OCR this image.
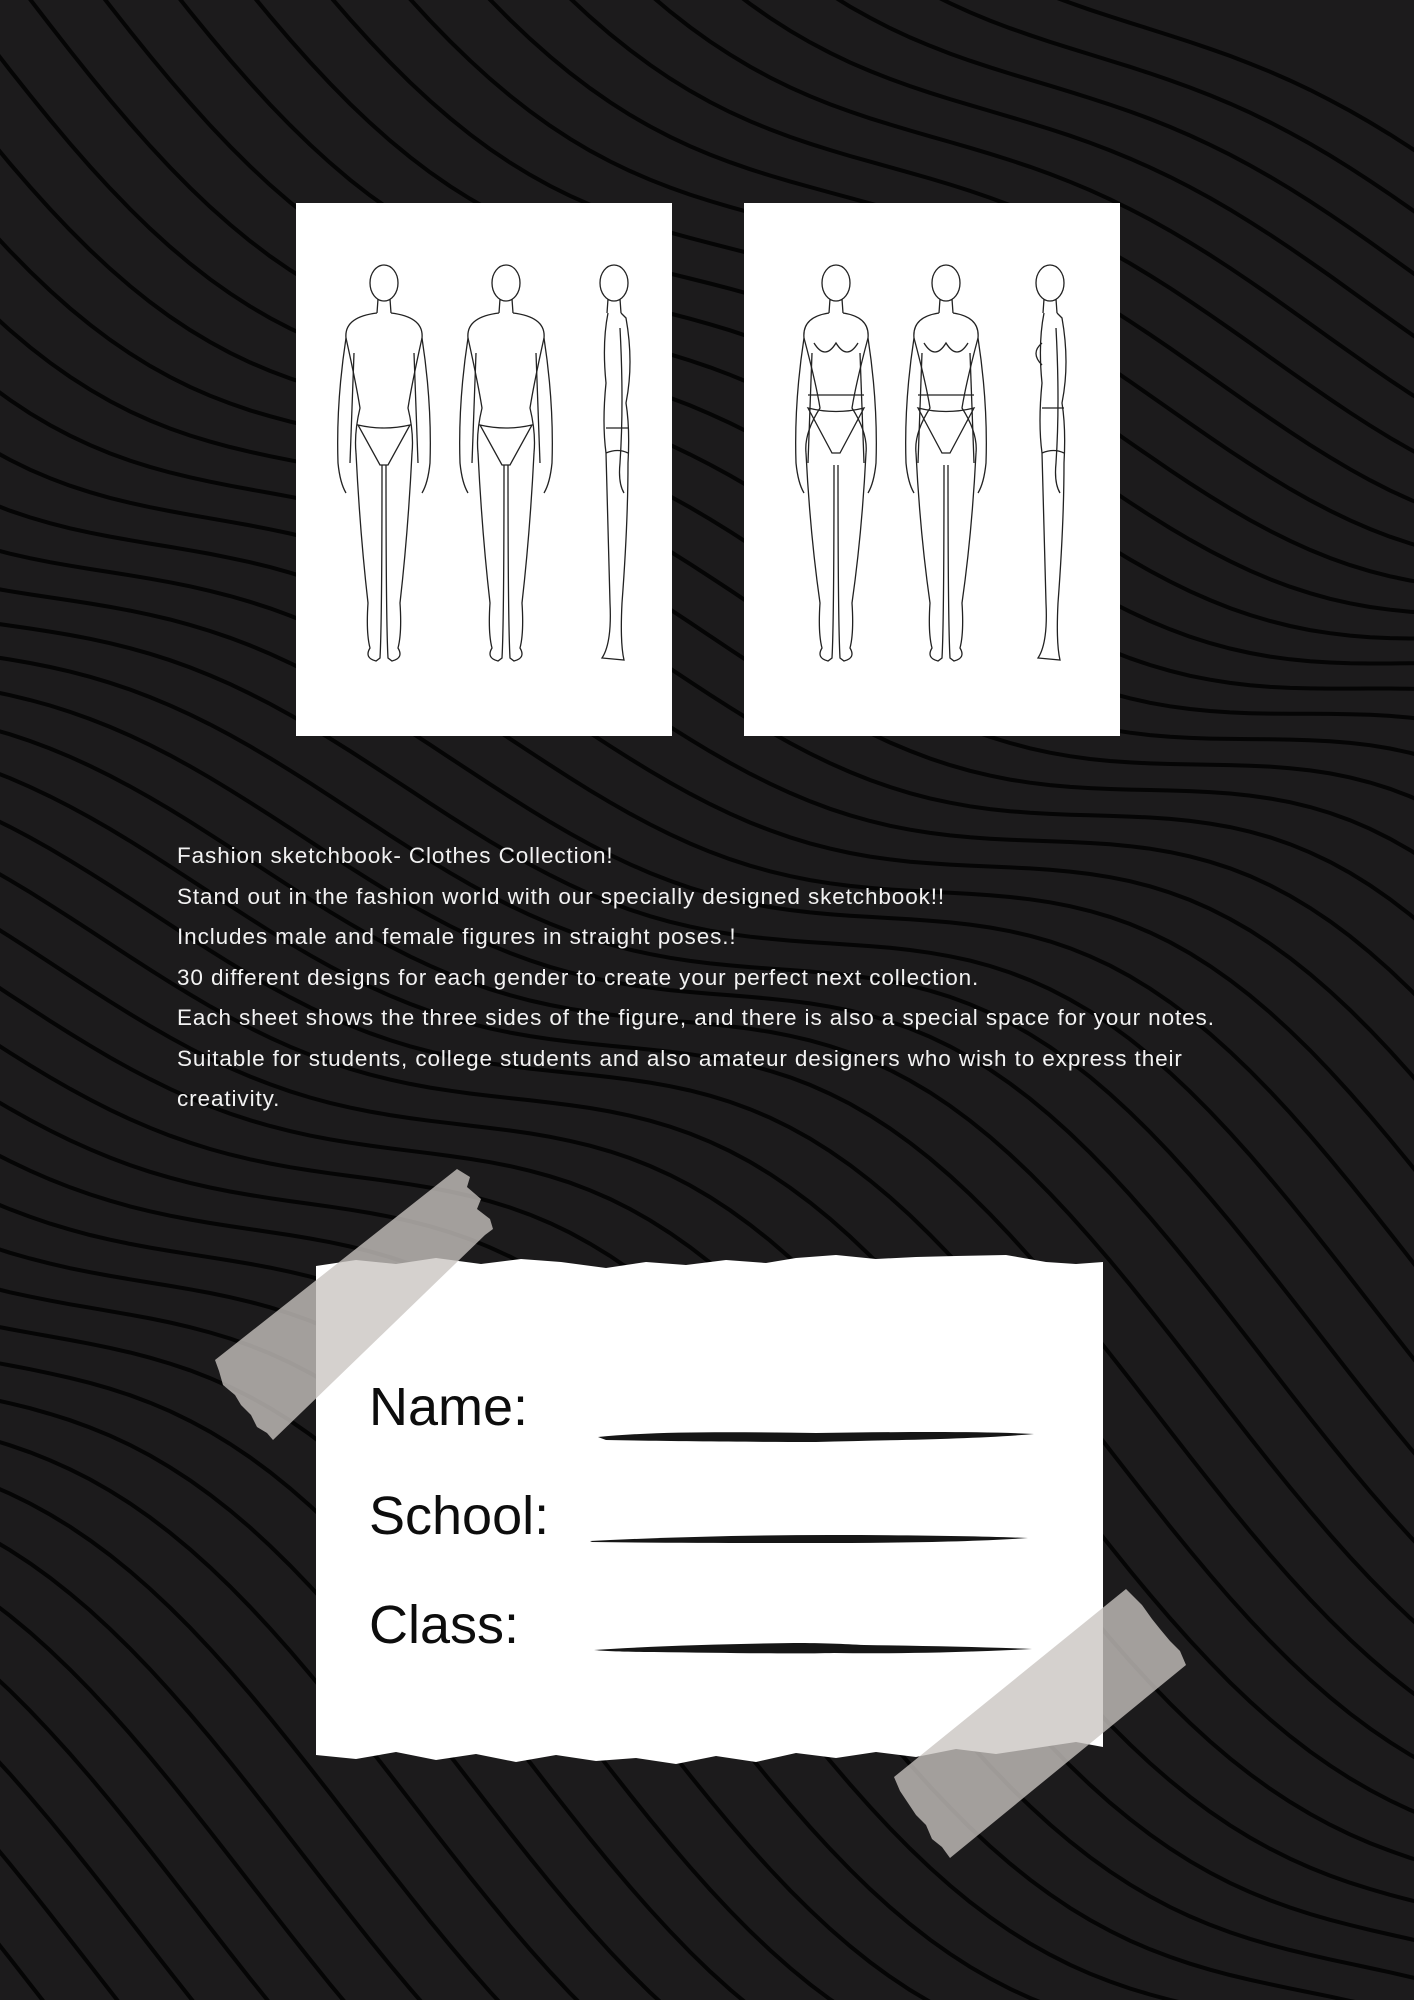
Fashion sketchbook- Clothes Collection!

Stand out in the fashion world with our specially designed sketchbook!!

Includes male and female figures in straight poses.!

30 different designs for each gender to create your perfect next collection.

Each sheet shows the three sides of the figure, and there is also a special space for your notes.

Suitable for students, college students and also amateur designers who wish to express their

creativity.

Name:
School:
Class:
